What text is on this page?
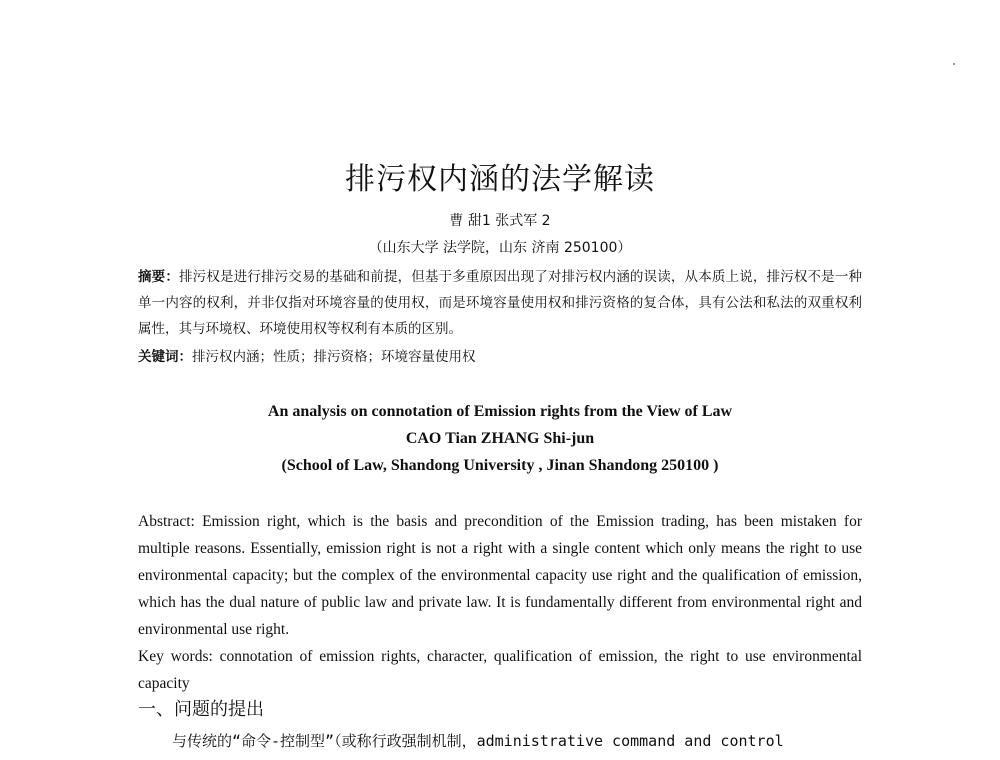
排污权内涵的法学解读
曹 甜1 张式军 2
（山东大学 法学院，山东 济南 250100）
摘要：排污权是进行排污交易的基础和前提，但基于多重原因出现了对排污权内涵的误读，从本质上说，排污权不是一种单一内容的权利，并非仅指对环境容量的使用权，而是环境容量使用权和排污资格的复合体，具有公法和私法的双重权利属性，其与环境权、环境使用权等权利有本质的区别。
关键词：排污权内涵；性质；排污资格；环境容量使用权
An analysis on connotation of Emission rights from the View of Law
CAO Tian ZHANG Shi-jun
(School of Law, Shandong University , Jinan Shandong 250100 )

Abstract: Emission right, which is the basis and precondition of the Emission trading, has been mistaken for multiple reasons. Essentially, emission right is not a right with a single content which only means the right to use environmental capacity; but the complex of the environmental capacity use right and the qualification of emission, which has the dual nature of public law and private law. It is fundamentally different from environmental right and environmental use right.

Key words: connotation of emission rights, character, qualification of emission, the right to use environmental capacity

一、问题的提出
与传统的“命令-控制型”（或称行政强制机制，administrative command and control
